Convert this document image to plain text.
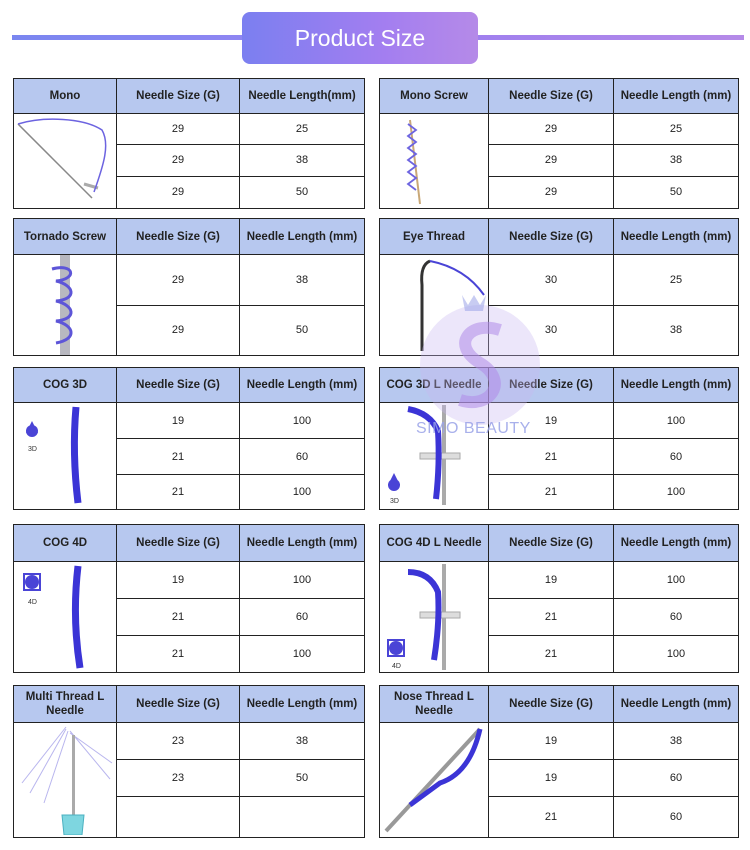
Product Size
Mono	Needle Size (G)	Needle Length(mm)

	29	25
	29	38
	29	50
Mono Screw	Needle Size (G)	Needle Length (mm)

	29	25
	29	38
	29	50
Tornado Screw	Needle Size (G)	Needle Length (mm)

	29	38
	29	50
Eye Thread	Needle Size (G)	Needle Length (mm)

	30	25
	30	38
COG 3D	Needle Size (G)	Needle Length (mm)

3D	19	100
	21	60
	21	100
COG 3D L Needle	Needle Size (G)	Needle Length (mm)

3D	19	100
	21	60
	21	100
COG 4D	Needle Size (G)	Needle Length (mm)

4D	19	100
	21	60
	21	100
COG 4D L Needle	Needle Size (G)	Needle Length (mm)

4D	19	100
	21	60
	21	100
Multi Thread L Needle	Needle Size (G)	Needle Length (mm)

	23	38
	23	50

Nose Thread L Needle	Needle Size (G)	Needle Length (mm)

	19	38
	19	60
	21	60
SIMO BEAUTY
